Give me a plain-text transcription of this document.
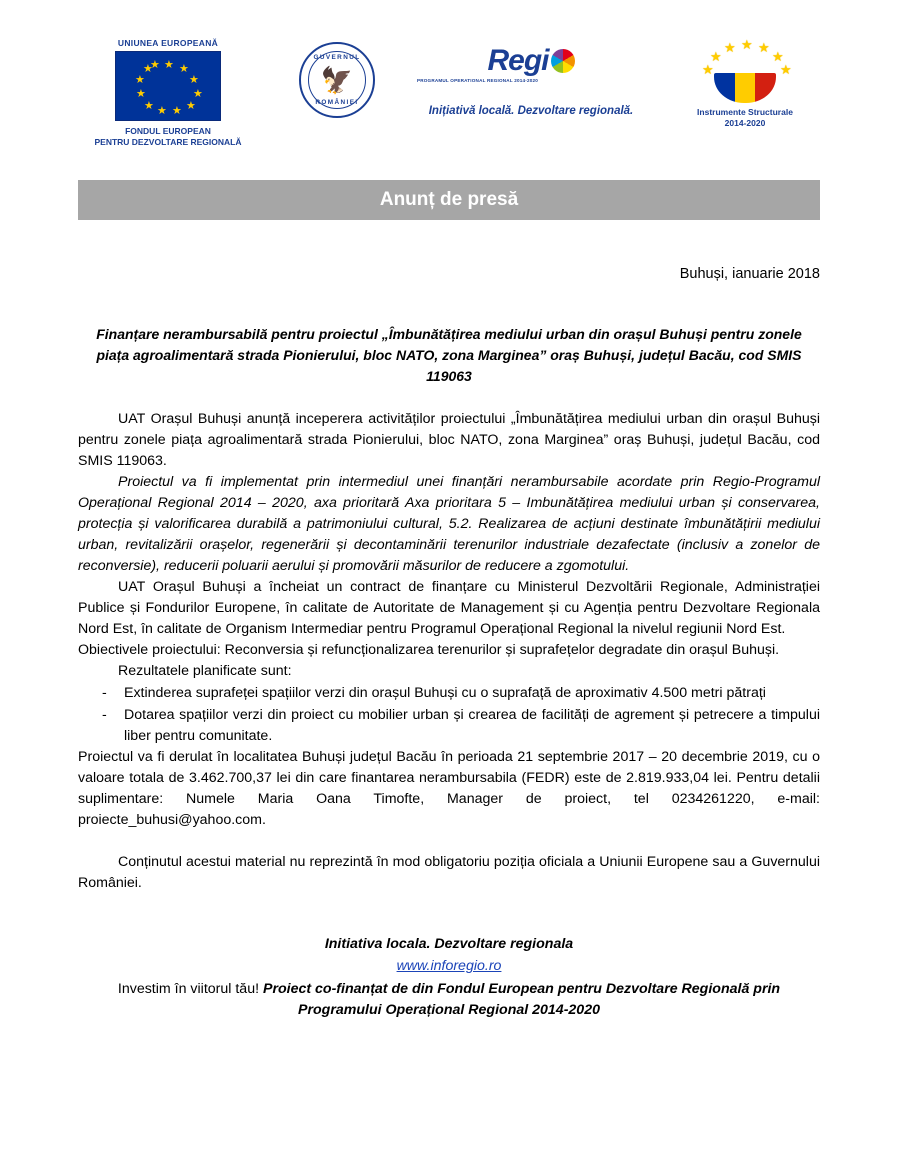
UNIUNEA EUROPEANĂ
★ ★
★
★
★
★
★
★
★
★
★
★
FONDUL EUROPEAN
PENTRU DEZVOLTARE REGIONALĂ
GUVERNUL
🦅
ROMÂNIEI
Regi
PROGRAMUL OPERATIONAL REGIONAL 2014-2020
Inițiativă locală. Dezvoltare regională.
★
★ ★
★	★
★	★
Instrumente Structurale
2014-2020
Anunț de presă
Buhuși, ianuarie 2018
Finanțare nerambursabilă pentru proiectul „Îmbunătățirea mediului urban din orașul Buhuși pentru zonele piața agroalimentară strada Pionierului, bloc NATO, zona Marginea” oraș Buhuși, județul Bacău, cod SMIS 119063

UAT Orașul Buhuși anunță inceperera activităților proiectului „Îmbunătățirea mediului urban din orașul Buhuși pentru zonele piața agroalimentară strada Pionierului, bloc NATO, zona Marginea” oraș Buhuși, județul Bacău, cod SMIS 119063.

Proiectul va fi implementat prin intermediul unei finanțări nerambursabile acordate prin Regio-Programul Operațional Regional 2014 – 2020, axa prioritară Axa prioritara 5 – Imbunătățirea mediului urban și conservarea, protecția și valorificarea durabilă a patrimoniului cultural, 5.2. Realizarea de acțiuni destinate îmbunătățirii mediului urban, revitalizării orașelor, regenerării și decontaminării terenurilor industriale dezafectate (inclusiv a zonelor de reconversie), reducerii poluarii aerului și promovării măsurilor de reducere a zgomotului.

UAT Orașul Buhuși a încheiat un contract de finanțare cu Ministerul Dezvoltării Regionale, Administrației Publice și Fondurilor Europene, în calitate de Autoritate de Management și cu Agenția pentru Dezvoltare Regionala Nord Est, în calitate de Organism Intermediar pentru Programul Operațional Regional la nivelul regiunii Nord Est.

Obiectivele proiectului: Reconversia și refuncționalizarea terenurilor și suprafețelor degradate din orașul Buhuși.

Rezultatele planificate sunt:

- Extinderea suprafeței spațiilor verzi din orașul Buhuși cu o suprafață de aproximativ 4.500 metri pătrați
- Dotarea spațiilor verzi din proiect cu mobilier urban și crearea de facilități de agrement și petrecere a timpului liber pentru comunitate.

Proiectul va fi derulat în localitatea Buhuși județul Bacău în perioada 21 septembrie 2017 – 20 decembrie 2019, cu o valoare totala de 3.462.700,37 lei din care finantarea nerambursabila (FEDR) este de 2.819.933,04 lei. Pentru detalii suplimentare: Numele Maria Oana Timofte, Manager de proiect, tel 0234261220, e-mail: proiecte_buhusi@yahoo.com.

Conținutul acestui material nu reprezintă în mod obligatoriu poziția oficiala a Uniunii Europene sau a Guvernului României.

Initiativa locala. Dezvoltare regionala
www.inforegio.ro
Investim în viitorul tău! Proiect co-finanțat de din Fondul European pentru Dezvoltare Regională prin Programului Operațional Regional 2014-2020
